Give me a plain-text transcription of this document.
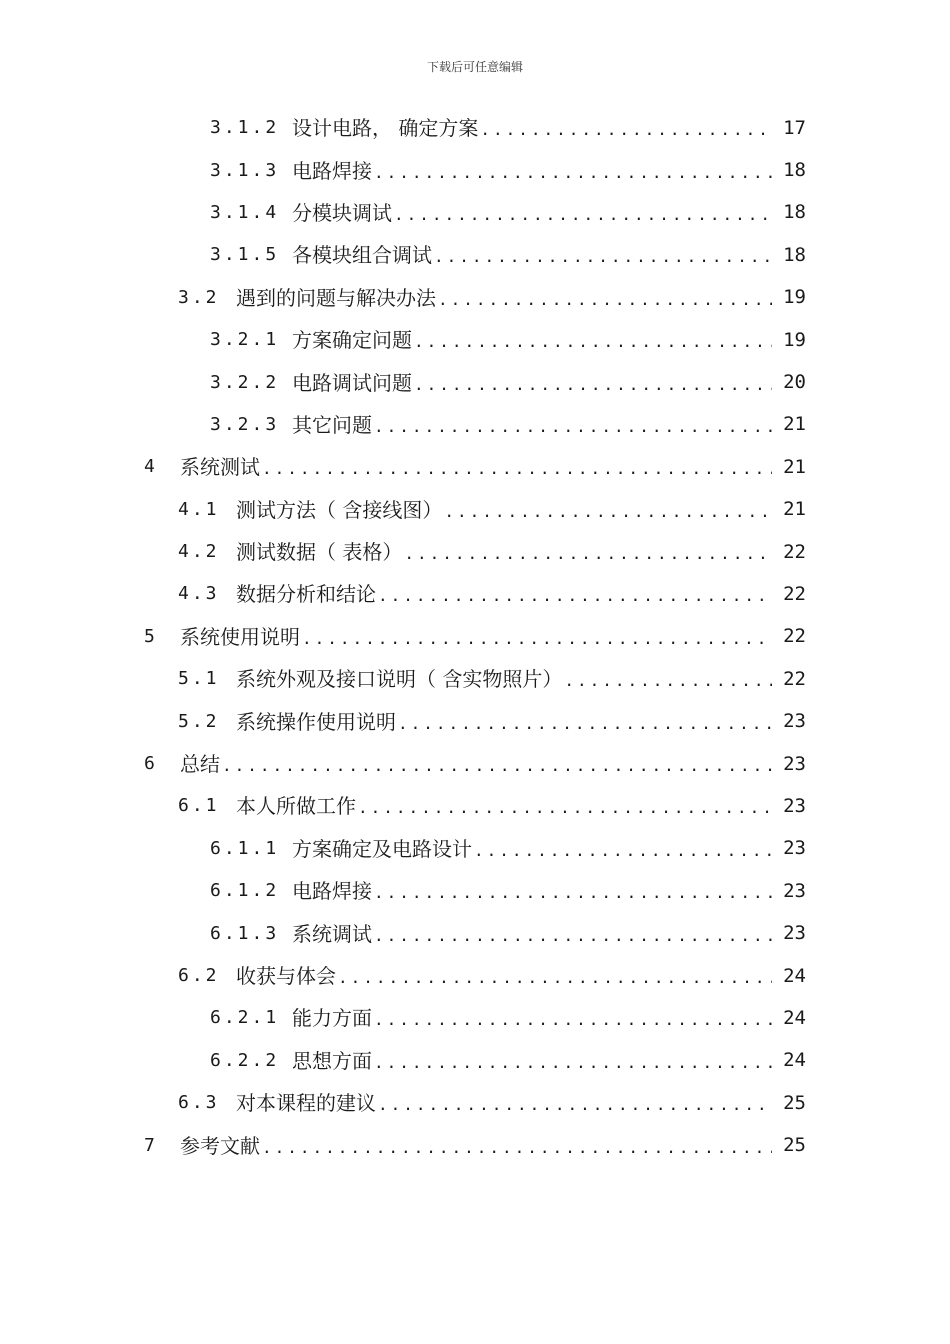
下载后可任意编辑
3.1.2 设计电路， 确定方案 .....	17
3.1.3 电路焊接 .....	18
3.1.4 分模块调试 .....	18
3.1.5 各模块组合调试 .....	18
3.2 遇到的问题与解决办法 .....	19
3.2.1 方案确定问题 .....	19
3.2.2 电路调试问题 .....	20
3.2.3 其它问题 .....	21
4	系统测试 .....	21
4.1 测试方法（ 含接线图） .....	21
4.2 测试数据（ 表格） .....	22
4.3 数据分析和结论 .....	22
5	系统使用说明 .....	22
5.1 系统外观及接口说明（ 含实物照片） .....	22
5.2 系统操作使用说明 .....	23
6	总结 .....	23
6.1 本人所做工作 .....	23
6.1.1 方案确定及电路设计 .....	23
6.1.2 电路焊接 .....	23
6.1.3 系统调试 .....	23
6.2 收获与体会 .....	24
6.2.1 能力方面 .....	24
6.2.2 思想方面 .....	24
6.3 对本课程的建议 .....	25
7	参考文献 .....	25
